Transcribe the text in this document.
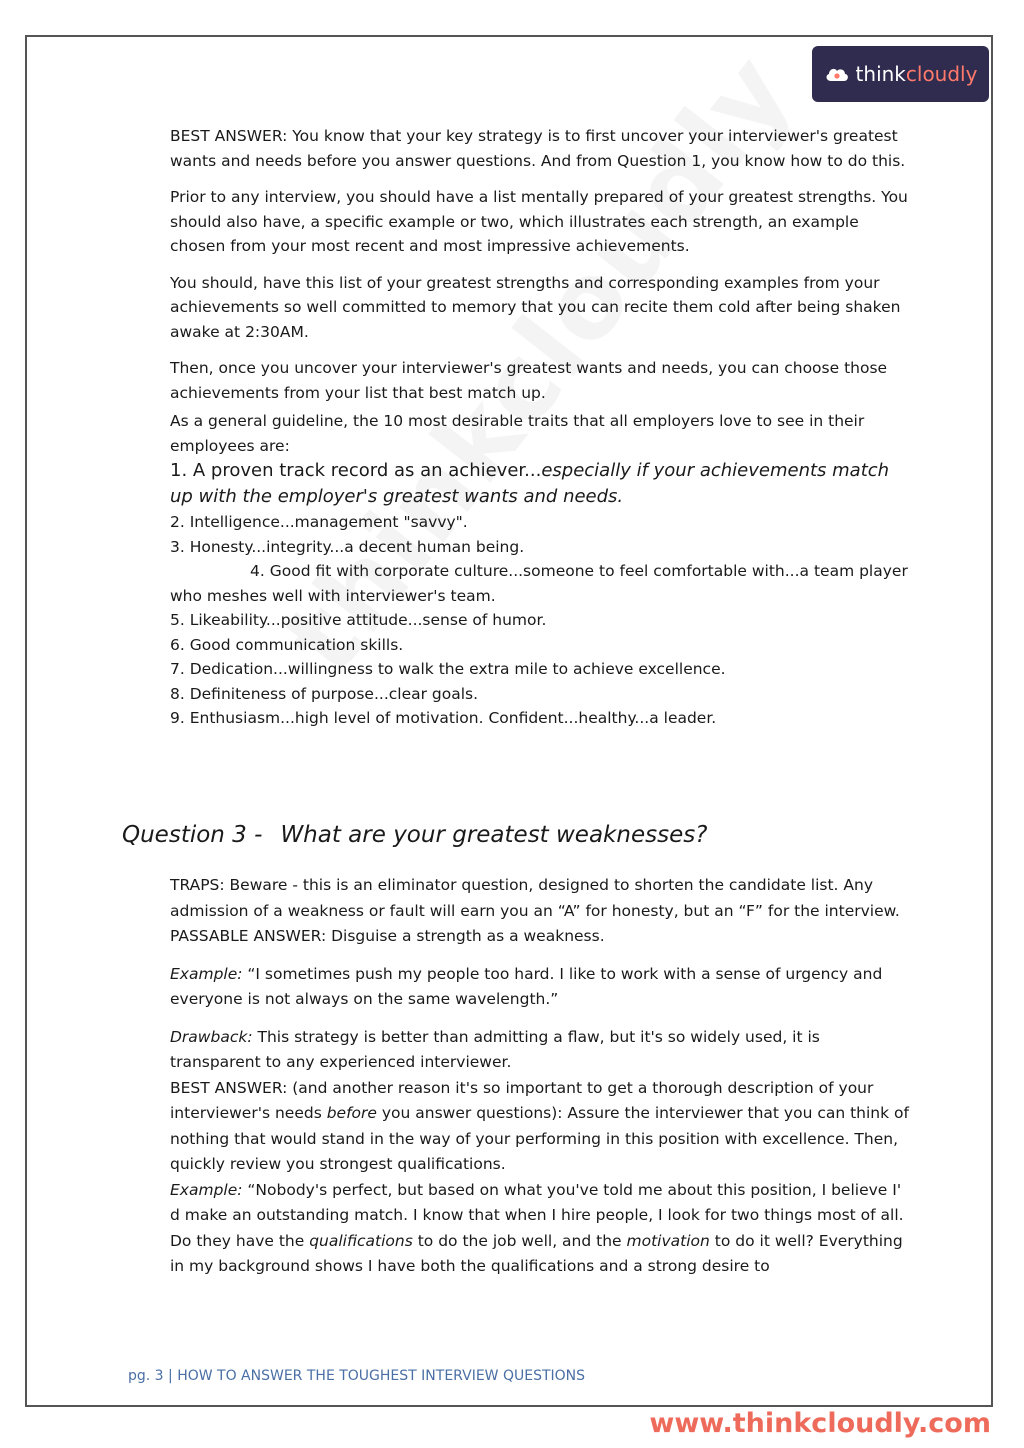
thinkcloudly

BEST ANSWER: You know that your key strategy is to first uncover your interviewer's greatest wants and needs before you answer questions. And from Question 1, you know how to do this.

Prior to any interview, you should have a list mentally prepared of your greatest strengths. You should also have, a specific example or two, which illustrates each strength, an example chosen from your most recent and most impressive achievements.

You should, have this list of your greatest strengths and corresponding examples from your achievements so well committed to memory that you can recite them cold after being shaken awake at 2:30AM.

Then, once you uncover your interviewer's greatest wants and needs, you can choose those achievements from your list that best match up.

As a general guideline, the 10 most desirable traits that all employers love to see in their employees are:

1. A proven track record as an achiever...especially if your achievements match up with the employer's greatest wants and needs.

2. Intelligence...management "savvy".

3. Honesty...integrity...a decent human being.

4. Good fit with corporate culture...someone to feel comfortable with...a team player who meshes well with interviewer's team.

5. Likeability...positive attitude...sense of humor.

6. Good communication skills.

7. Dedication...willingness to walk the extra mile to achieve excellence.

8. Definiteness of purpose...clear goals.

9. Enthusiasm...high level of motivation. Confident...healthy...a leader.

Question 3 - What are your greatest weaknesses?

TRAPS: Beware - this is an eliminator question, designed to shorten the candidate list. Any admission of a weakness or fault will earn you an “A” for honesty, but an “F” for the interview.

PASSABLE ANSWER: Disguise a strength as a weakness.

Example: “I sometimes push my people too hard. I like to work with a sense of urgency and everyone is not always on the same wavelength.”

Drawback: This strategy is better than admitting a flaw, but it's so widely used, it is transparent to any experienced interviewer.

BEST ANSWER: (and another reason it's so important to get a thorough description of your interviewer's needs before you answer questions): Assure the interviewer that you can think of nothing that would stand in the way of your performing in this position with excellence. Then, quickly review you strongest qualifications.

Example: “Nobody's perfect, but based on what you've told me about this position, I believe I' d make an outstanding match. I know that when I hire people, I look for two things most of all. Do they have the qualifications to do the job well, and the motivation to do it well? Everything in my background shows I have both the qualifications and a strong desire to

pg. 3 | HOW TO ANSWER THE TOUGHEST INTERVIEW QUESTIONS
www.thinkcloudly.com
